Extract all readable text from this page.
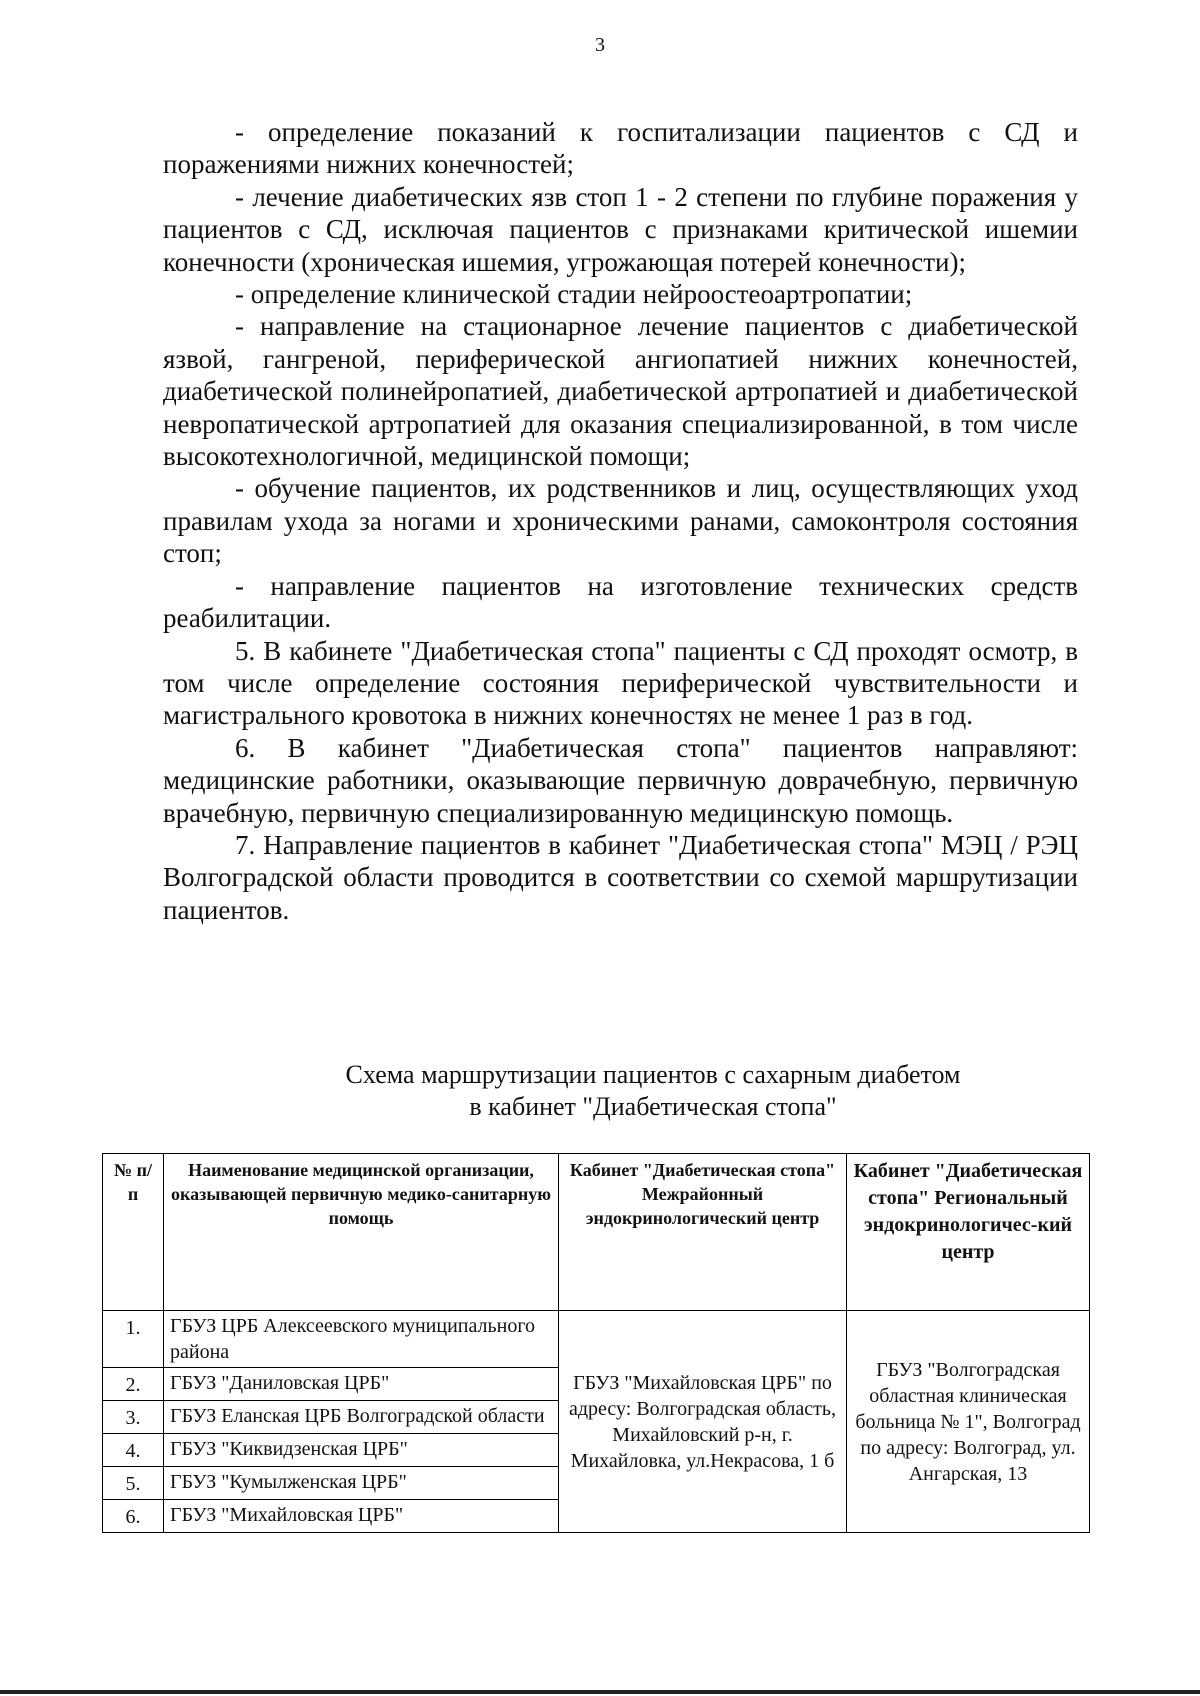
3

- определение показаний к госпитализации пациентов с СД и поражениями нижних конечностей;

- лечение диабетических язв стоп 1 - 2 степени по глубине поражения у пациентов с СД, исключая пациентов с признаками критической ишемии конечности (хроническая ишемия, угрожающая потерей конечности);

- определение клинической стадии нейроостеоартропатии;

- направление на стационарное лечение пациентов с диабетической язвой, гангреной, периферической ангиопатией нижних конечностей, диабетической полинейропатией, диабетической артропатией и диабетической невропатической артропатией для оказания специализированной, в том числе высокотехнологичной, медицинской помощи;

- обучение пациентов, их родственников и лиц, осуществляющих уход правилам ухода за ногами и хроническими ранами, самоконтроля состояния стоп;

- направление пациентов на изготовление технических средств реабилитации.

5. В кабинете "Диабетическая стопа" пациенты с СД проходят осмотр, в том числе определение состояния периферической чувствительности и магистрального кровотока в нижних конечностях не менее 1 раз в год.

6. В кабинет "Диабетическая стопа" пациентов направляют: медицинские работники, оказывающие первичную доврачебную, первичную врачебную, первичную специализированную медицинскую помощь.

7. Направление пациентов в кабинет "Диабетическая стопа" МЭЦ / РЭЦ Волгоградской области проводится в соответствии со схемой маршрутизации пациентов.

Схема маршрутизации пациентов с сахарным диабетом
в кабинет "Диабетическая стопа"
№ п/п	Наименование медицинской организации, оказывающей первичную медико-санитарную помощь	Кабинет "Диабетическая стопа" Межрайонный эндокринологический центр	Кабинет "Диабетическая стопа" Региональный эндокринологичес-кий центр
1.	ГБУЗ ЦРБ Алексеевского муниципального района	ГБУЗ "Михайловская ЦРБ" по адресу: Волгоградская область, Михайловский р-н, г. Михайловка, ул.Некрасова, 1 б	ГБУЗ "Волгоградская областная клиническая больница № 1", Волгоград по адресу: Волгоград, ул. Ангарская, 13
2.	ГБУЗ "Даниловская ЦРБ"		
3.	ГБУЗ Еланская ЦРБ Волгоградской области		
4.	ГБУЗ "Киквидзенская ЦРБ"		
5.	ГБУЗ "Кумылженская ЦРБ"		
6.	ГБУЗ "Михайловская ЦРБ"		
